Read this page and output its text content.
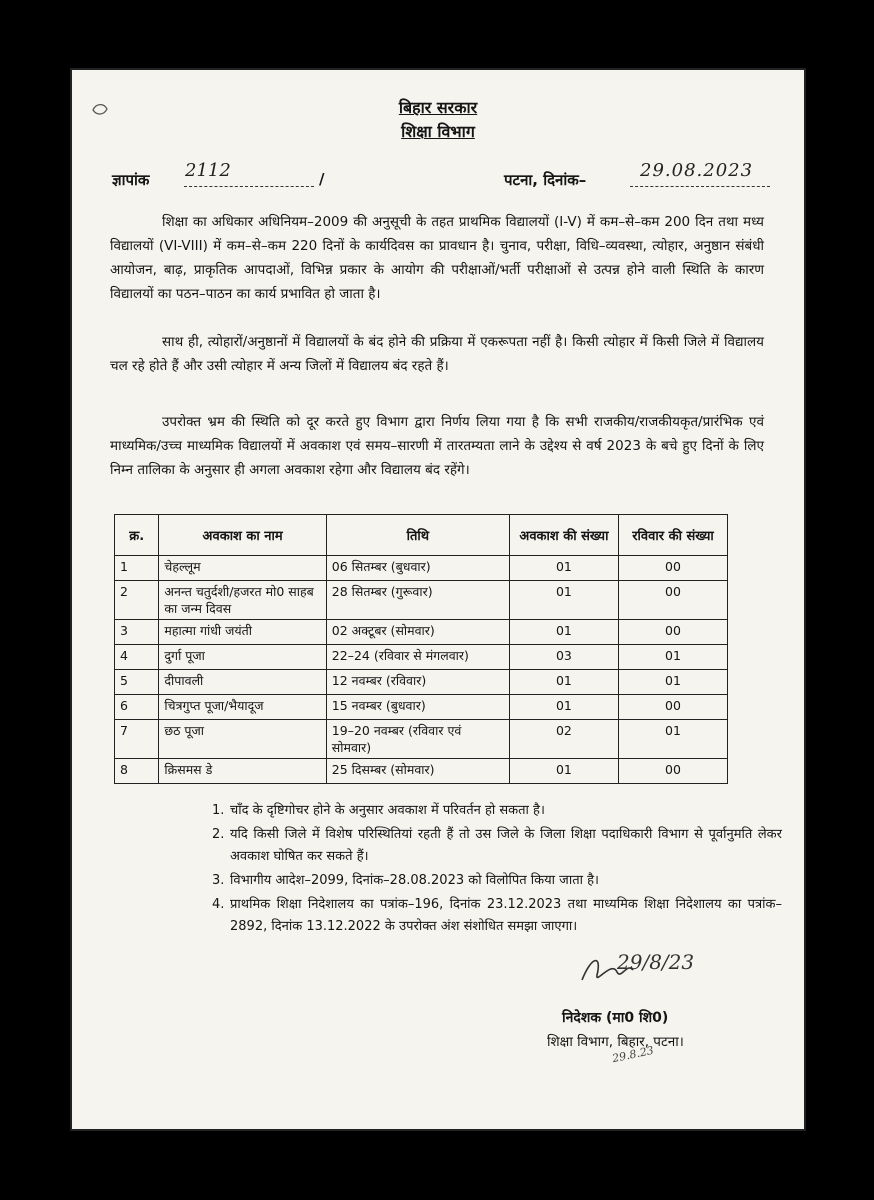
बिहार सरकार
शिक्षा विभाग
ज्ञापांक 2112	/	पटना, दिनांक–	29.08.2023
शिक्षा का अधिकार अधिनियम–2009 की अनुसूची के तहत प्राथमिक विद्यालयों (I-V) में कम–से–कम 200 दिन तथा मध्य विद्यालयों (VI-VIII) में कम–से–कम 220 दिनों के कार्यदिवस का प्रावधान है। चुनाव, परीक्षा, विधि–व्यवस्था, त्योहार, अनुष्ठान संबंधी आयोजन, बाढ़, प्राकृतिक आपदाओं, विभिन्न प्रकार के आयोग की परीक्षाओं/भर्ती परीक्षाओं से उत्पन्न होने वाली स्थिति के कारण विद्यालयों का पठन–पाठन का कार्य प्रभावित हो जाता है।
साथ ही, त्योहारों/अनुष्ठानों में विद्यालयों के बंद होने की प्रक्रिया में एकरूपता नहीं है। किसी त्योहार में किसी जिले में विद्यालय चल रहे होते हैं और उसी त्योहार में अन्य जिलों में विद्यालय बंद रहते हैं।
उपरोक्त भ्रम की स्थिति को दूर करते हुए विभाग द्वारा निर्णय लिया गया है कि सभी राजकीय/राजकीयकृत/प्रारंभिक एवं माध्यमिक/उच्च माध्यमिक विद्यालयों में अवकाश एवं समय–सारणी में तारतम्यता लाने के उद्देश्य से वर्ष 2023 के बचे हुए दिनों के लिए निम्न तालिका के अनुसार ही अगला अवकाश रहेगा और विद्यालय बंद रहेंगे।
क्र.	अवकाश का नाम	तिथि	अवकाश की संख्या	रविवार की संख्या
1	चेहल्लूम	06 सितम्बर (बुधवार)	01	00
2	अनन्त चतुर्दशी/हजरत मो0 साहब का जन्म दिवस	28 सितम्बर (गुरूवार)	01	00
3	महात्मा गांधी जयंती	02 अक्टूबर (सोमवार)	01	00
4	दुर्गा पूजा	22–24 (रविवार से मंगलवार)	03	01
5	दीपावली	12 नवम्बर (रविवार)	01	01
6	चित्रगुप्त पूजा/भैयादूज	15 नवम्बर (बुधवार)	01	00
7	छठ पूजा	19–20 नवम्बर (रविवार एवं सोमवार)	02	01
8	क्रिसमस डे	25 दिसम्बर (सोमवार)	01	00
1. चाँद के दृष्टिगोचर होने के अनुसार अवकाश में परिवर्तन हो सकता है।
2. यदि किसी जिले में विशेष परिस्थितियां रहती हैं तो उस जिले के जिला शिक्षा पदाधिकारी विभाग से पूर्वानुमति लेकर अवकाश घोषित कर सकते हैं।
3. विभागीय आदेश–2099, दिनांक–28.08.2023 को विलोपित किया जाता है।
4. प्राथमिक शिक्षा निदेशालय का पत्रांक–196, दिनांक 23.12.2023 तथा माध्यमिक शिक्षा निदेशालय का पत्रांक–2892, दिनांक 13.12.2022 के उपरोक्त अंश संशोधित समझा जाएगा।
29/8/23
निदेशक (मा0 शि0)
शिक्षा विभाग, बिहार, पटना।
29.8.23
